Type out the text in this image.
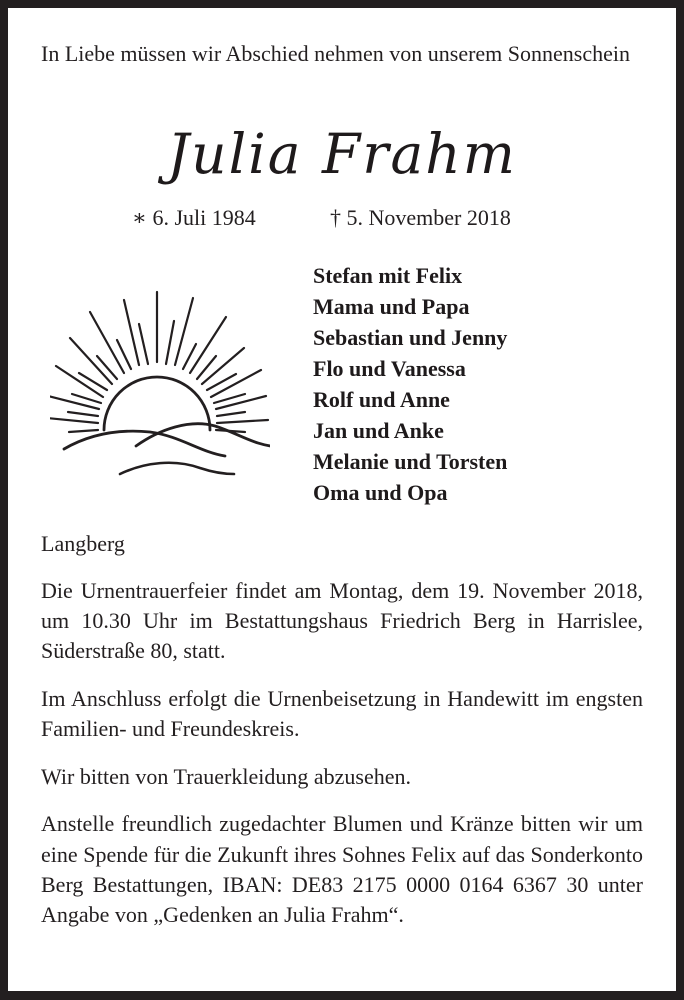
In Liebe müssen wir Abschied nehmen von unserem Sonnenschein
Julia Frahm
∗ 6. Juli 1984	† 5. November 2018
Stefan mit Felix
Mama und Papa
Sebastian und Jenny
Flo und Vanessa
Rolf und Anne
Jan und Anke
Melanie und Torsten
Oma und Opa

Langberg

Die Urnentrauerfeier findet am Montag, dem 19. November 2018, um 10.30 Uhr im Bestattungshaus Friedrich Berg in Harrislee, Süderstraße 80, statt.

Im Anschluss erfolgt die Urnenbeisetzung in Handewitt im engsten Familien- und Freundeskreis.

Wir bitten von Trauerkleidung abzusehen.

Anstelle freundlich zugedachter Blumen und Kränze bitten wir um eine Spende für die Zukunft ihres Sohnes Felix auf das Sonderkonto Berg Bestattungen, IBAN: DE83 2175 0000 0164 6367 30 unter Angabe von „Gedenken an Julia Frahm“.
